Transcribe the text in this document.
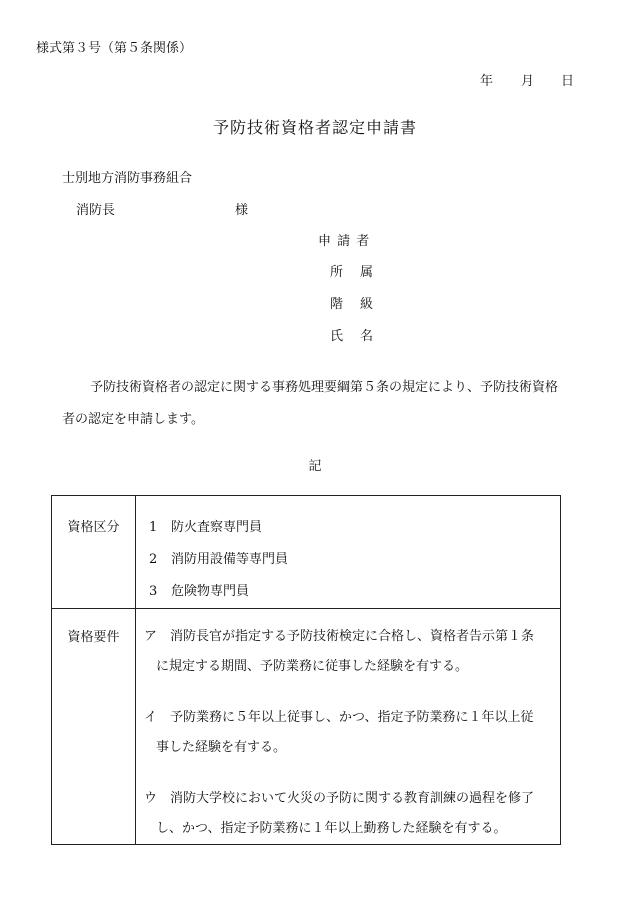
様式第３号（第５条関係）
年 月 日
予防技術資格者認定申請書
士別地方消防事務組合
消防長	様
申 請 者
所　属
階　級
氏　名
予防技術資格者の認定に関する事務処理要綱第５条の規定により、予防技術資格者の認定を申請します。
記
資格区分	1 防火査察専門員
2 消防用設備等専門員
3 危険物専門員
資格要件	ア 消防長官が指定する予防技術検定に合格し、資格者告示第１条
に規定する期間、予防業務に従事した経験を有する。
イ 予防業務に５年以上従事し、かつ、指定予防業務に１年以上従
事した経験を有する。
ウ 消防大学校において火災の予防に関する教育訓練の過程を修了
し、かつ、指定予防業務に１年以上勤務した経験を有する。
